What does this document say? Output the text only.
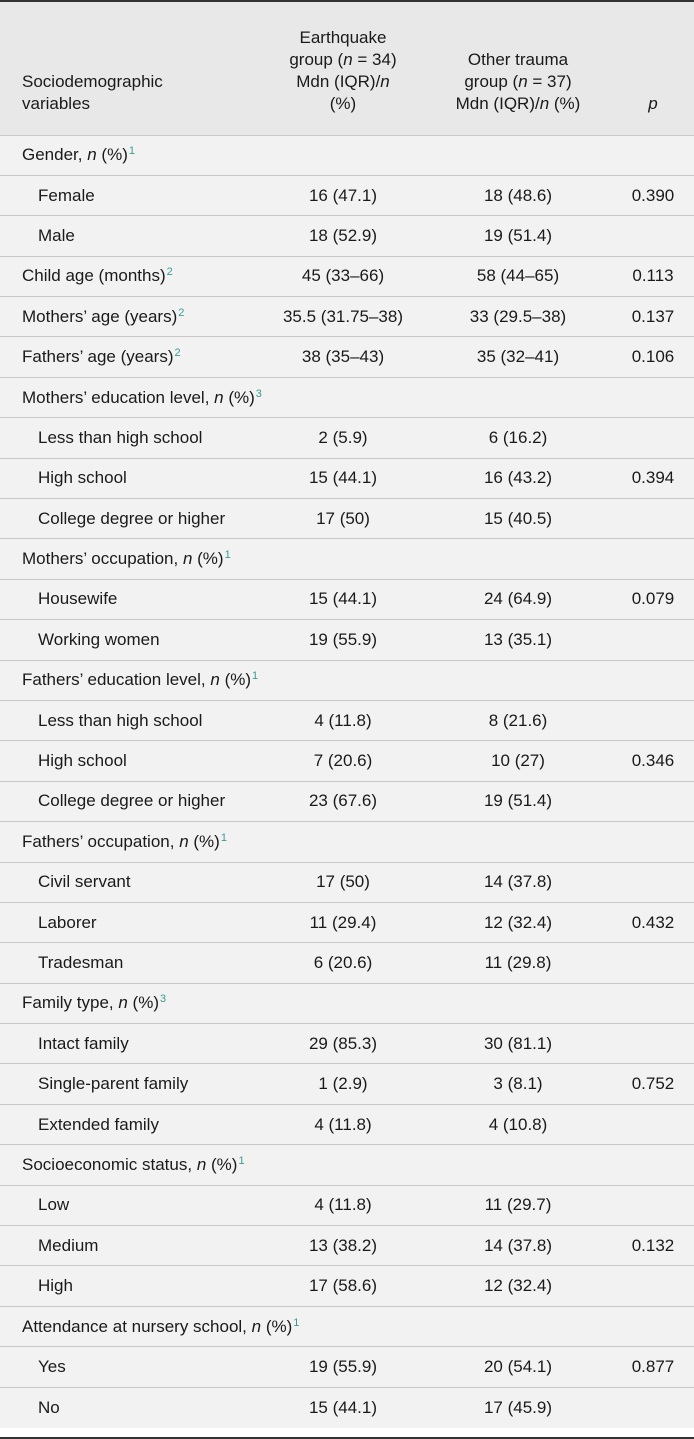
Sociodemographic
variables	Earthquake
group (n = 34)
Mdn (IQR)/n
(%)	Other trauma
group (n = 37)
Mdn (IQR)/n (%)	p
Gender, n (%)$^1$
Female	16 (47.1)	18 (48.6)	0.390
Male	18 (52.9)	19 (51.4)	
Child age (months)$^2$	45 (33–66)	58 (44–65)	0.113
Mothers’ age (years)$^2$	35.5 (31.75–38)	33 (29.5–38)	0.137
Fathers’ age (years)$^2$	38 (35–43)	35 (32–41)	0.106
Mothers’ education level, n (%)$^3$
Less than high school	2 (5.9)	6 (16.2)	
High school	15 (44.1)	16 (43.2)	0.394
College degree or higher	17 (50)	15 (40.5)	
Mothers’ occupation, n (%)$^1$
Housewife	15 (44.1)	24 (64.9)	0.079
Working women	19 (55.9)	13 (35.1)	
Fathers’ education level, n (%)$^1$
Less than high school	4 (11.8)	8 (21.6)	
High school	7 (20.6)	10 (27)	0.346
College degree or higher	23 (67.6)	19 (51.4)	
Fathers’ occupation, n (%)$^1$
Civil servant	17 (50)	14 (37.8)	
Laborer	11 (29.4)	12 (32.4)	0.432
Tradesman	6 (20.6)	11 (29.8)	
Family type, n (%)$^3$
Intact family	29 (85.3)	30 (81.1)	
Single-parent family	1 (2.9)	3 (8.1)	0.752
Extended family	4 (11.8)	4 (10.8)	
Socioeconomic status, n (%)$^1$
Low	4 (11.8)	11 (29.7)	
Medium	13 (38.2)	14 (37.8)	0.132
High	17 (58.6)	12 (32.4)	
Attendance at nursery school, n (%)$^1$
Yes	19 (55.9)	20 (54.1)	0.877
No	15 (44.1)	17 (45.9)	
